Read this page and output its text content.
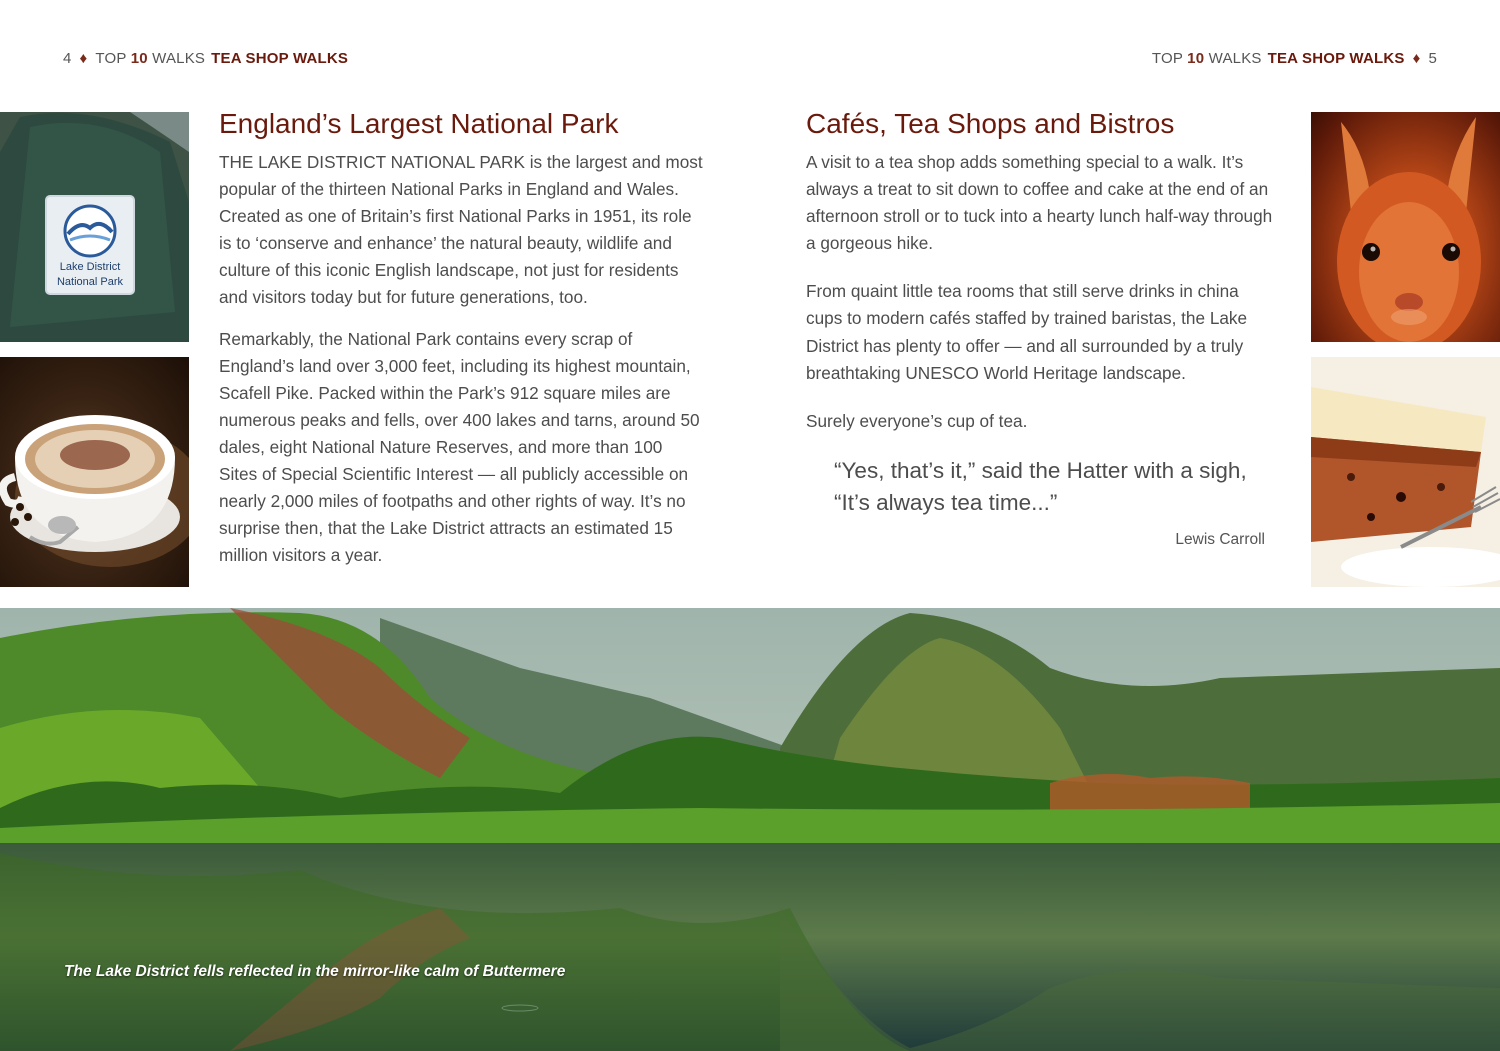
4 ♦ TOP 10 WALKS TEA SHOP WALKS	TOP 10 WALKS TEA SHOP WALKS ♦ 5
Lake District
National Park
England’s Largest National Park

THE LAKE DISTRICT NATIONAL PARK is the largest and most popular of the thirteen National Parks in England and Wales. Created as one of Britain’s first National Parks in 1951, its role is to ‘conserve and enhance’ the natural beauty, wildlife and culture of this iconic English landscape, not just for residents and visitors today but for future generations, too.

Remarkably, the National Park contains every scrap of England’s land over 3,000 feet, including its highest mountain, Scafell Pike. Packed within the Park’s 912 square miles are numerous peaks and fells, over 400 lakes and tarns, around 50 dales, eight National Nature Reserves, and more than 100 Sites of Special Scientific Interest — all publicly accessible on nearly 2,000 miles of footpaths and other rights of way. It’s no surprise then, that the Lake District attracts an estimated 15 million visitors a year.

Cafés, Tea Shops and Bistros

A visit to a tea shop adds something special to a walk. It’s always a treat to sit down to coffee and cake at the end of an afternoon stroll or to tuck into a hearty lunch half-way through a gorgeous hike.

From quaint little tea rooms that still serve drinks in china cups to modern cafés staffed by trained baristas, the Lake District has plenty to offer — and all surrounded by a truly breathtaking UNESCO World Heritage landscape.

Surely everyone’s cup of tea.

“Yes, that’s it,” said the Hatter with a sigh, “It’s always tea time...”
Lewis Carroll
The Lake District fells reflected in the mirror-like calm of Buttermere
